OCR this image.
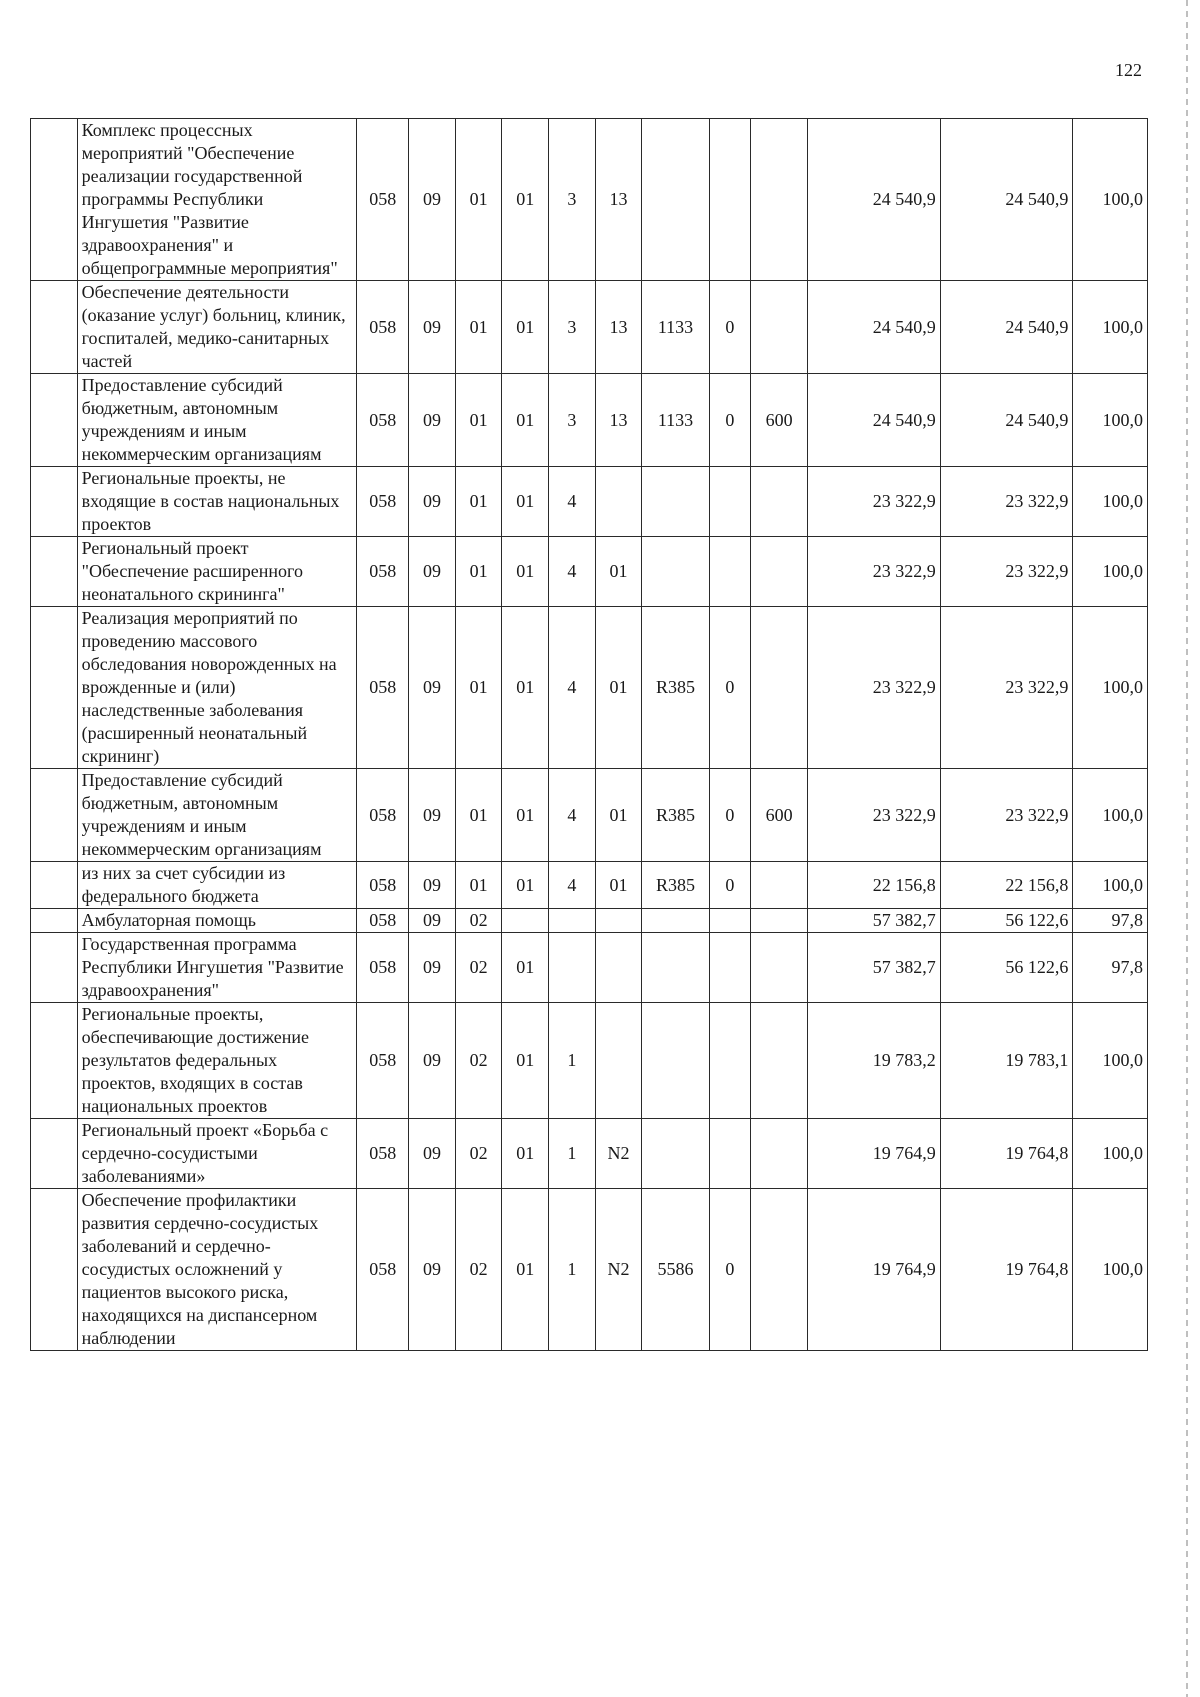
122
	Комплекс процессных мероприятий "Обеспечение реализации государственной программы Республики Ингушетия "Развитие здравоохранения" и общепрограммные мероприятия"	058	09	01	01	3	13				24 540,9	24 540,9	100,0
	Обеспечение деятельности (оказание услуг) больниц, клиник, госпиталей, медико-санитарных частей	058	09	01	01	3	13	1133	0		24 540,9	24 540,9	100,0
	Предоставление субсидий бюджетным, автономным учреждениям и иным некоммерческим организациям	058	09	01	01	3	13	1133	0	600	24 540,9	24 540,9	100,0
	Региональные проекты, не входящие в состав национальных проектов	058	09	01	01	4					23 322,9	23 322,9	100,0
	Региональный проект "Обеспечение расширенного неонатального скрининга"	058	09	01	01	4	01				23 322,9	23 322,9	100,0
	Реализация мероприятий по проведению массового обследования новорожденных на врожденные и (или) наследственные заболевания (расширенный неонатальный скрининг)	058	09	01	01	4	01	R385	0		23 322,9	23 322,9	100,0
	Предоставление субсидий бюджетным, автономным учреждениям и иным некоммерческим организациям	058	09	01	01	4	01	R385	0	600	23 322,9	23 322,9	100,0
	из них за счет субсидии из федерального бюджета	058	09	01	01	4	01	R385	0		22 156,8	22 156,8	100,0
	Амбулаторная помощь	058	09	02							57 382,7	56 122,6	97,8
	Государственная программа Республики Ингушетия "Развитие здравоохранения"	058	09	02	01						57 382,7	56 122,6	97,8
	Региональные проекты, обеспечивающие достижение результатов федеральных проектов, входящих в состав национальных проектов	058	09	02	01	1					19 783,2	19 783,1	100,0
	Региональный проект «Борьба с сердечно-сосудистыми заболеваниями»	058	09	02	01	1	N2				19 764,9	19 764,8	100,0
	Обеспечение профилактики развития сердечно-сосудистых заболеваний и сердечно-сосудистых осложнений у пациентов высокого риска, находящихся на диспансерном наблюдении	058	09	02	01	1	N2	5586	0		19 764,9	19 764,8	100,0
